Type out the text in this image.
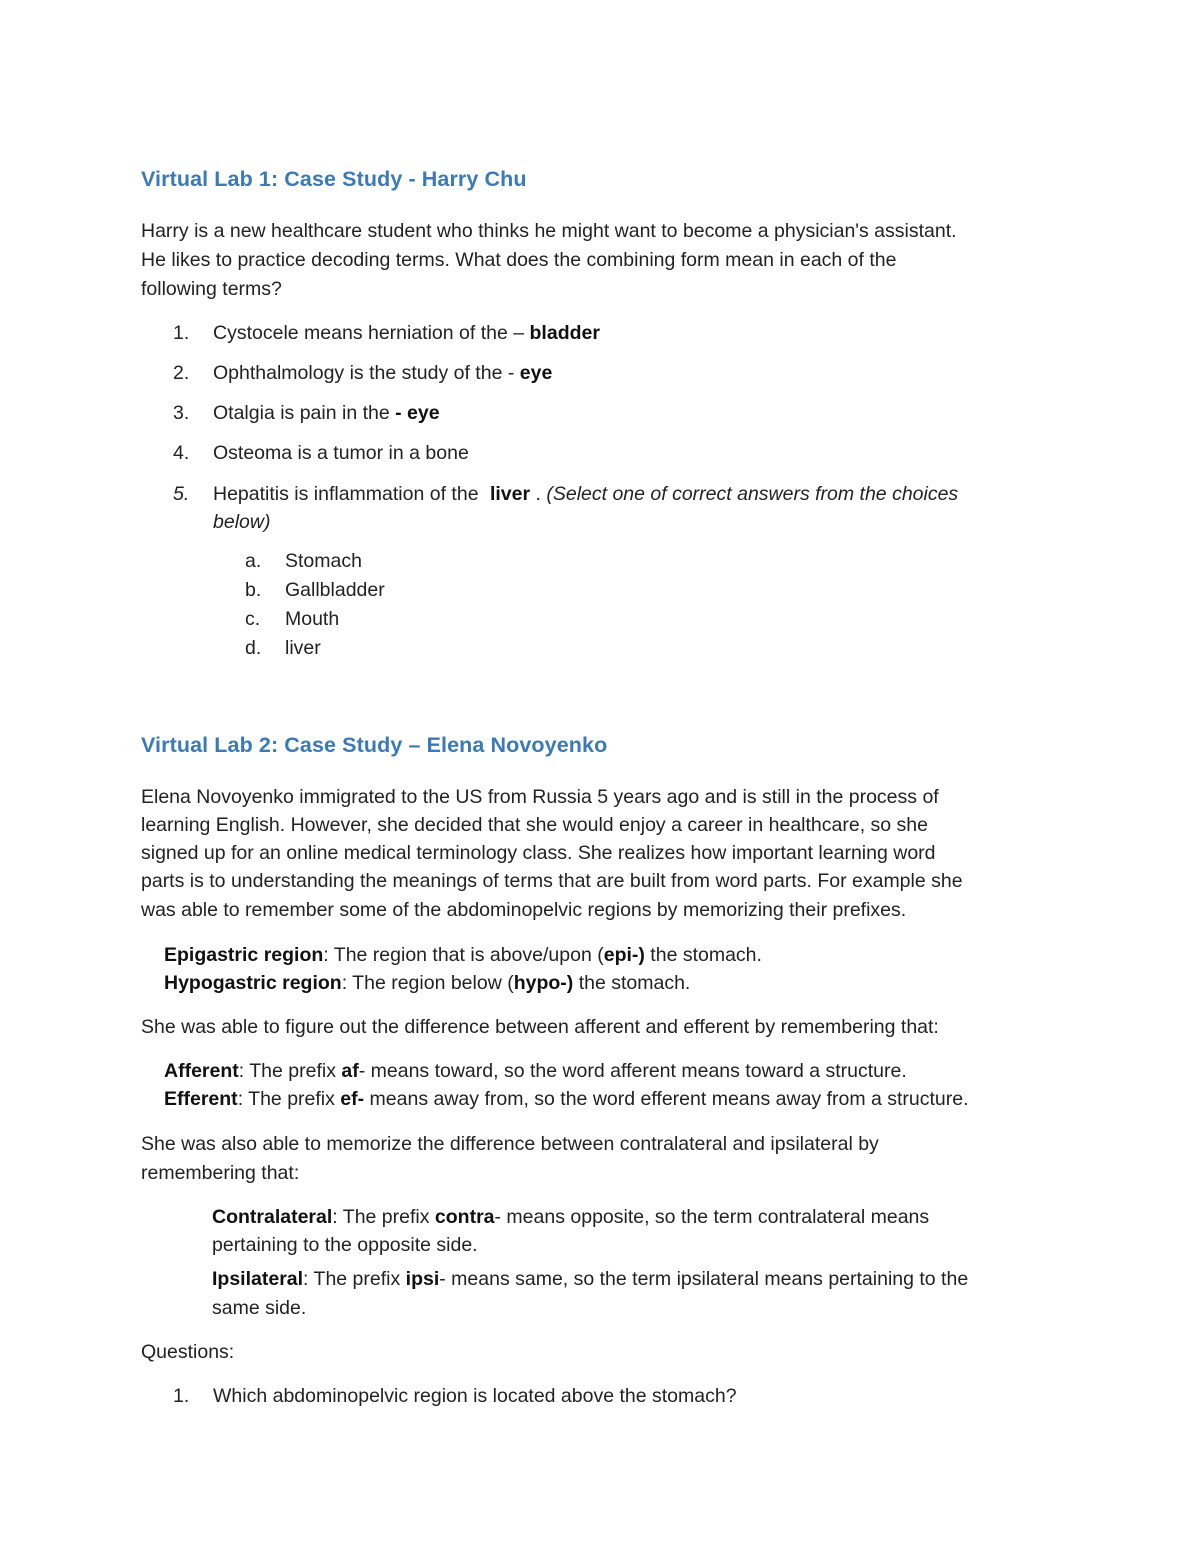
Virtual Lab 1: Case Study - Harry Chu
Harry is a new healthcare student who thinks he might want to become a physician's assistant.
He likes to practice decoding terms. What does the combining form mean in each of the
following terms?
1. Cystocele means herniation of the – bladder
2. Ophthalmology is the study of the - eye
3. Otalgia is pain in the - eye
4. Osteoma is a tumor in a bone
5. Hepatitis is inflammation of the liver . (Select one of correct answers from the choices
below)
a. Stomach
b. Gallbladder
c. Mouth
d. liver
Virtual Lab 2: Case Study – Elena Novoyenko
Elena Novoyenko immigrated to the US from Russia 5 years ago and is still in the process of
learning English. However, she decided that she would enjoy a career in healthcare, so she
signed up for an online medical terminology class. She realizes how important learning word
parts is to understanding the meanings of terms that are built from word parts. For example she
was able to remember some of the abdominopelvic regions by memorizing their prefixes.
Epigastric region: The region that is above/upon (epi-) the stomach.
Hypogastric region: The region below (hypo-) the stomach.
She was able to figure out the difference between afferent and efferent by remembering that:
Afferent: The prefix af- means toward, so the word afferent means toward a structure.
Efferent: The prefix ef- means away from, so the word efferent means away from a structure.
She was also able to memorize the difference between contralateral and ipsilateral by
remembering that:
Contralateral: The prefix contra- means opposite, so the term contralateral means
pertaining to the opposite side.
Ipsilateral: The prefix ipsi- means same, so the term ipsilateral means pertaining to the
same side.
Questions:
1. Which abdominopelvic region is located above the stomach?
